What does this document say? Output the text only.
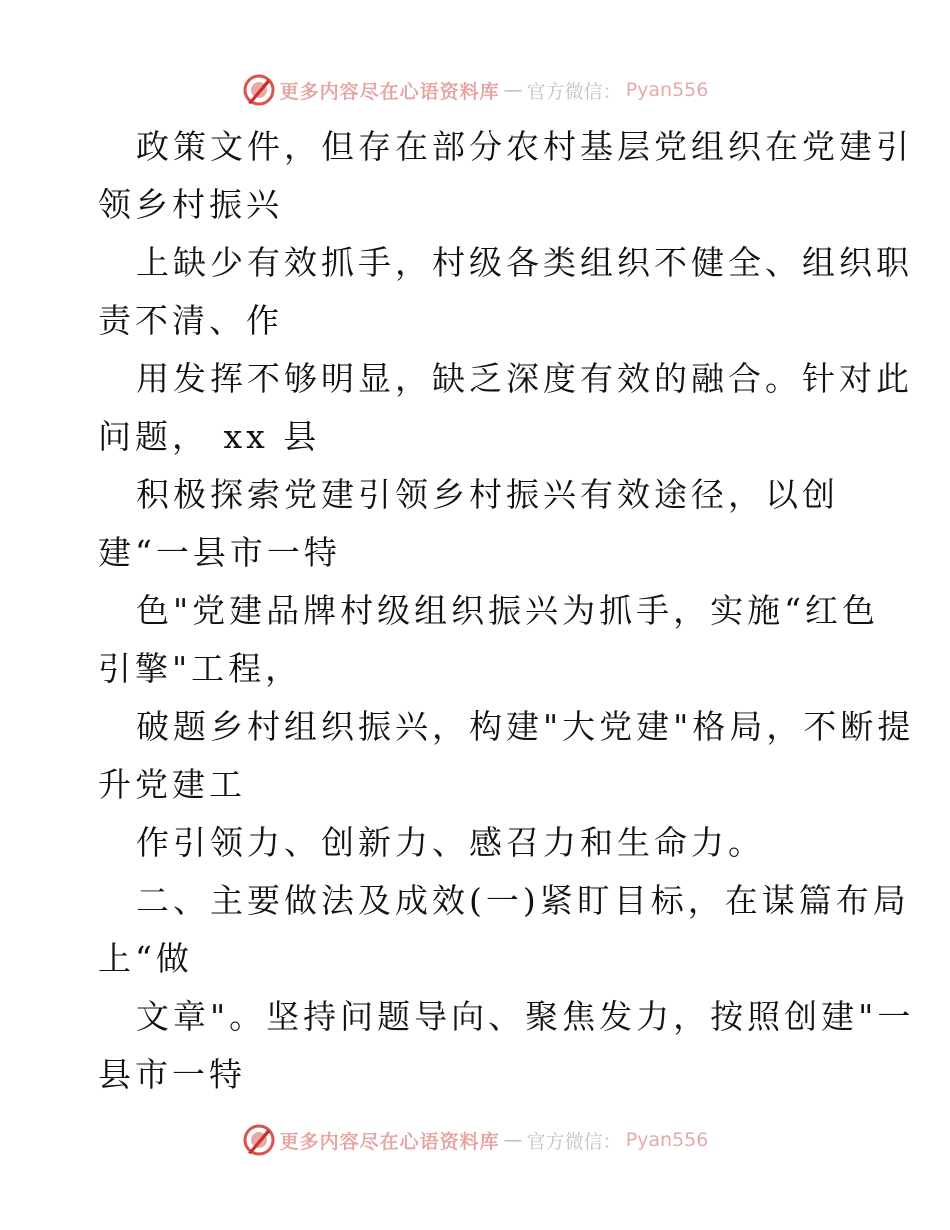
更多内容尽在心语资料库 — 官方微信： Pyan556

政策文件，但存在部分农村基层党组织在党建引
领乡村振兴

上缺少有效抓手，村级各类组织不健全、组织职
责不清、作

用发挥不够明显，缺乏深度有效的融合。针对此
问题， xx 县

积极探索党建引领乡村振兴有效途径，以创
建“一县市一特

色"党建品牌村级组织振兴为抓手，实施“红色
引擎"工程，

破题乡村组织振兴，构建"大党建"格局，不断提
升党建工

作引领力、创新力、感召力和生命力。

二、主要做法及成效(一)紧盯目标，在谋篇布局
上“做

文章"。坚持问题导向、聚焦发力，按照创建"一
县市一特

更多内容尽在心语资料库 — 官方微信： Pyan556
